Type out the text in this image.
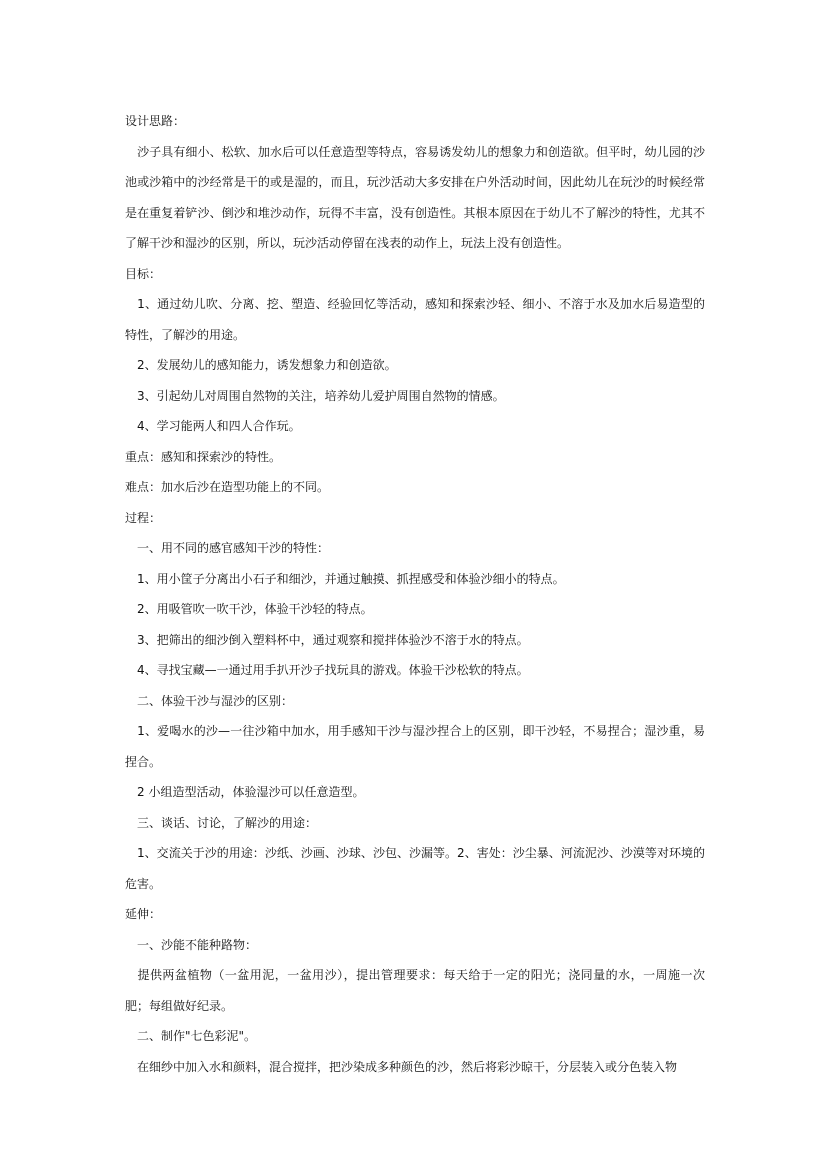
设计思路：

　沙子具有细小、松软、加水后可以任意造型等特点，容易诱发幼儿的想象力和创造欲。但平时，幼儿园的沙池或沙箱中的沙经常是干的或是湿的，而且，玩沙活动大多安排在户外活动时间，因此幼儿在玩沙的时候经常是在重复着铲沙、倒沙和堆沙动作，玩得不丰富，没有创造性。其根本原因在于幼儿不了解沙的特性，尤其不了解干沙和湿沙的区别，所以，玩沙活动停留在浅表的动作上，玩法上没有创造性。

目标：

　1、通过幼儿吹、分离、挖、塑造、经验回忆等活动，感知和探索沙轻、细小、不溶于水及加水后易造型的特性，了解沙的用途。

　2、发展幼儿的感知能力，诱发想象力和创造欲。

　3、引起幼儿对周围自然物的关注，培养幼儿爱护周围自然物的情感。

　4、学习能两人和四人合作玩。

重点：感知和探索沙的特性。

难点：加水后沙在造型功能上的不同。

过程：

　一、用不同的感官感知干沙的特性：

　1、用小筐子分离出小石子和细沙，并通过触摸、抓捏感受和体验沙细小的特点。

　2、用吸管吹一吹干沙，体验干沙轻的特点。

　3、把筛出的细沙倒入塑料杯中，通过观察和搅拌体验沙不溶于水的特点。

　4、寻找宝藏—一通过用手扒开沙子找玩具的游戏。体验干沙松软的特点。

　二、体验干沙与湿沙的区别：

　1、爱喝水的沙—一往沙箱中加水，用手感知干沙与湿沙捏合上的区别，即干沙轻，不易捏合；湿沙重，易捏合。

　2 小组造型活动，体验湿沙可以任意造型。

　三、谈话、讨论，了解沙的用途：

　1、交流关于沙的用途：沙纸、沙画、沙球、沙包、沙漏等。2、害处：沙尘暴、河流泥沙、沙漠等对环境的危害。

延伸：

　一、沙能不能种路物：

　提供两盆植物（一盆用泥，一盆用沙），提出管理要求：每天给于一定的阳光；浇同量的水，一周施一次肥；每组做好纪录。

　二、制作"七色彩泥"。

　在细纱中加入水和颜料，混合搅拌，把沙染成多种颜色的沙，然后将彩沙晾干，分层装入或分色装入物
